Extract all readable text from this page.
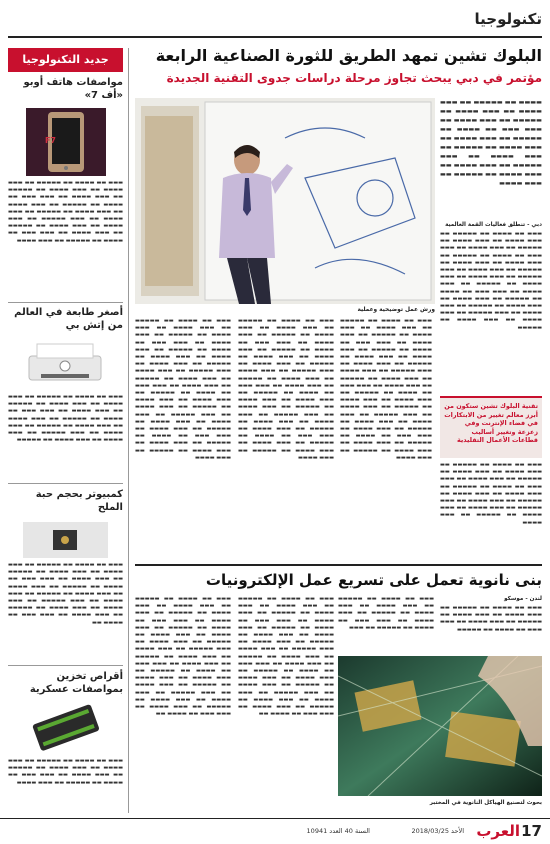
تكنولوجيا
جديد التكنولوجيا
مواصفات هاتف أوبو «أف 7»
F7
▬▬▬ ▬▬ ▬▬▬▬ ▬▬ ▬▬▬▬▬ ▬▬ ▬▬▬ ▬▬▬▬ ▬▬ ▬▬▬ ▬▬▬▬ ▬▬ ▬▬▬▬▬ ▬▬ ▬▬▬ ▬▬▬▬ ▬▬ ▬▬▬ ▬▬▬ ▬▬ ▬▬▬▬ ▬▬ ▬▬▬▬▬ ▬▬ ▬▬▬ ▬▬▬▬ ▬▬ ▬▬▬ ▬▬▬▬ ▬▬ ▬▬▬▬▬ ▬▬ ▬▬▬ ▬▬▬▬ ▬▬ ▬▬▬ ▬▬▬▬▬ ▬▬ ▬▬▬ ▬▬▬▬ ▬▬ ▬▬▬ ▬▬▬▬ ▬▬ ▬▬▬▬▬ ▬▬ ▬▬▬ ▬▬▬▬ ▬▬ ▬▬▬ ▬▬▬ ▬▬ ▬▬▬▬ ▬▬ ▬▬▬▬▬ ▬▬ ▬▬▬ ▬▬▬▬
أصغر طابعة في العالم من إتش بي
▬▬▬ ▬▬ ▬▬▬▬ ▬▬ ▬▬▬▬▬ ▬▬ ▬▬▬ ▬▬▬▬ ▬▬ ▬▬▬ ▬▬▬▬ ▬▬ ▬▬▬▬▬ ▬▬ ▬▬▬ ▬▬▬▬ ▬▬ ▬▬▬ ▬▬▬ ▬▬ ▬▬▬▬ ▬▬ ▬▬▬▬▬ ▬▬ ▬▬▬ ▬▬▬▬ ▬▬ ▬▬▬ ▬▬▬▬ ▬▬ ▬▬▬▬▬ ▬▬ ▬▬▬ ▬▬▬▬ ▬▬ ▬▬▬ ▬▬▬▬▬ ▬▬ ▬▬▬ ▬▬▬▬ ▬▬ ▬▬▬ ▬▬▬▬ ▬▬ ▬▬▬▬▬
كمبيوتر بحجم حبة الملح
▬▬▬ ▬▬ ▬▬▬▬ ▬▬ ▬▬▬▬▬ ▬▬ ▬▬▬ ▬▬▬▬ ▬▬ ▬▬▬ ▬▬▬▬ ▬▬ ▬▬▬▬▬ ▬▬ ▬▬▬ ▬▬▬▬ ▬▬ ▬▬▬ ▬▬▬ ▬▬ ▬▬▬▬ ▬▬ ▬▬▬▬▬ ▬▬ ▬▬▬ ▬▬▬▬ ▬▬ ▬▬▬ ▬▬▬▬ ▬▬ ▬▬▬▬▬ ▬▬ ▬▬▬ ▬▬▬▬ ▬▬ ▬▬▬ ▬▬▬▬▬ ▬▬ ▬▬▬ ▬▬▬▬ ▬▬ ▬▬▬ ▬▬▬▬ ▬▬ ▬▬▬▬▬ ▬▬ ▬▬▬ ▬▬▬▬ ▬▬ ▬▬▬ ▬▬▬ ▬▬ ▬▬▬▬ ▬▬
أقراص تخزين بمواصفات عسكرية
▬▬▬ ▬▬ ▬▬▬▬ ▬▬ ▬▬▬▬▬ ▬▬ ▬▬▬ ▬▬▬▬ ▬▬ ▬▬▬ ▬▬▬▬ ▬▬ ▬▬▬▬▬ ▬▬ ▬▬▬ ▬▬▬▬ ▬▬ ▬▬▬ ▬▬▬ ▬▬ ▬▬▬▬ ▬▬ ▬▬▬▬▬ ▬▬ ▬▬▬ ▬▬▬▬
البلوك تشين تمهد الطريق للثورة الصناعية الرابعة
مؤتمر في دبي يبحث تجاوز مرحلة دراسات جدوى التقنية الجديدة
▬▬▬▬ ▬▬ ▬▬▬▬▬ ▬▬ ▬▬▬ ▬▬▬▬ ▬▬ ▬▬▬ ▬▬▬▬ ▬▬ ▬▬▬▬▬ ▬▬ ▬▬▬ ▬▬▬▬ ▬▬ ▬▬▬ ▬▬▬ ▬▬ ▬▬▬▬ ▬▬ ▬▬▬▬▬ ▬▬ ▬▬▬ ▬▬▬▬ ▬▬ ▬▬▬ ▬▬▬▬ ▬▬ ▬▬▬▬▬ ▬▬ ▬▬▬ ▬▬▬▬ ▬▬ ▬▬▬ ▬▬▬▬▬ ▬▬ ▬▬▬ ▬▬▬▬ ▬▬ ▬▬▬ ▬▬▬▬ ▬▬ ▬▬▬▬▬ ▬▬ ▬▬▬ ▬▬▬▬
دبي - تنطلق فعاليات القمة العالمية
▬▬▬ ▬▬ ▬▬▬▬ ▬▬ ▬▬▬▬▬ ▬▬ ▬▬▬ ▬▬▬▬ ▬▬ ▬▬▬ ▬▬▬▬ ▬▬ ▬▬▬▬▬ ▬▬ ▬▬▬ ▬▬▬▬ ▬▬ ▬▬▬ ▬▬▬ ▬▬ ▬▬▬▬ ▬▬ ▬▬▬▬▬ ▬▬ ▬▬▬ ▬▬▬▬ ▬▬ ▬▬▬ ▬▬▬▬ ▬▬ ▬▬▬▬▬ ▬▬ ▬▬▬ ▬▬▬▬ ▬▬ ▬▬▬ ▬▬▬▬▬ ▬▬ ▬▬▬ ▬▬▬▬ ▬▬ ▬▬▬ ▬▬▬▬ ▬▬ ▬▬▬▬▬ ▬▬ ▬▬▬ ▬▬▬▬ ▬▬ ▬▬▬ ▬▬▬ ▬▬ ▬▬▬▬ ▬▬ ▬▬▬▬▬ ▬▬ ▬▬▬ ▬▬▬▬ ▬▬ ▬▬▬ ▬▬▬▬ ▬▬ ▬▬▬▬▬ ▬▬ ▬▬▬ ▬▬▬▬ ▬▬ ▬▬▬ ▬▬▬▬▬ ▬▬ ▬▬▬ ▬▬▬▬ ▬▬ ▬▬▬ ▬▬▬▬ ▬▬ ▬▬▬▬▬
تقنية البلوك تشين ستكون من أبرز معالم تغيير من الابتكارات في فضاء الإنترنت وفي زعزعة وتغيير أساليب قطاعات الأعمال التقليدية
▬▬▬ ▬▬ ▬▬▬▬ ▬▬ ▬▬▬▬▬ ▬▬ ▬▬▬ ▬▬▬▬ ▬▬ ▬▬▬ ▬▬▬▬ ▬▬ ▬▬▬▬▬ ▬▬ ▬▬▬ ▬▬▬▬ ▬▬ ▬▬▬ ▬▬▬ ▬▬ ▬▬▬▬ ▬▬ ▬▬▬▬▬ ▬▬ ▬▬▬ ▬▬▬▬ ▬▬ ▬▬▬ ▬▬▬▬ ▬▬ ▬▬▬▬▬ ▬▬ ▬▬▬ ▬▬▬▬ ▬▬ ▬▬▬ ▬▬▬▬▬ ▬▬ ▬▬▬ ▬▬▬▬ ▬▬ ▬▬▬ ▬▬▬▬ ▬▬ ▬▬▬▬▬ ▬▬ ▬▬▬ ▬▬▬▬
ورش عمل توضيحية وعملية
▬▬▬ ▬▬ ▬▬▬▬ ▬▬ ▬▬▬▬▬ ▬▬ ▬▬▬ ▬▬▬▬ ▬▬ ▬▬▬ ▬▬▬▬ ▬▬ ▬▬▬▬▬ ▬▬ ▬▬▬ ▬▬▬▬ ▬▬ ▬▬▬ ▬▬▬ ▬▬ ▬▬▬▬ ▬▬ ▬▬▬▬▬ ▬▬ ▬▬▬ ▬▬▬▬ ▬▬ ▬▬▬ ▬▬▬▬ ▬▬ ▬▬▬▬▬ ▬▬ ▬▬▬ ▬▬▬▬ ▬▬ ▬▬▬ ▬▬▬▬▬ ▬▬ ▬▬▬ ▬▬▬▬ ▬▬ ▬▬▬ ▬▬▬▬ ▬▬ ▬▬▬▬▬ ▬▬ ▬▬▬ ▬▬▬▬ ▬▬ ▬▬▬ ▬▬▬ ▬▬ ▬▬▬▬ ▬▬ ▬▬▬▬▬ ▬▬ ▬▬▬ ▬▬▬▬ ▬▬ ▬▬▬ ▬▬▬▬ ▬▬ ▬▬▬▬▬ ▬▬ ▬▬▬ ▬▬▬▬ ▬▬ ▬▬▬ ▬▬▬▬▬ ▬▬ ▬▬▬ ▬▬▬▬ ▬▬ ▬▬▬ ▬▬▬▬ ▬▬ ▬▬▬▬▬ ▬▬ ▬▬▬ ▬▬▬▬ ▬▬ ▬▬▬ ▬▬▬ ▬▬ ▬▬▬▬ ▬▬ ▬▬▬▬▬ ▬▬ ▬▬▬ ▬▬▬▬ ▬▬ ▬▬▬ ▬▬▬▬ ▬▬ ▬▬▬▬▬ ▬▬ ▬▬▬ ▬▬▬▬
▬▬▬ ▬▬ ▬▬▬▬ ▬▬ ▬▬▬▬▬ ▬▬ ▬▬▬ ▬▬▬▬ ▬▬ ▬▬▬ ▬▬▬▬ ▬▬ ▬▬▬▬▬ ▬▬ ▬▬▬ ▬▬▬▬ ▬▬ ▬▬▬ ▬▬▬ ▬▬ ▬▬▬▬ ▬▬ ▬▬▬▬▬ ▬▬ ▬▬▬ ▬▬▬▬ ▬▬ ▬▬▬ ▬▬▬▬ ▬▬ ▬▬▬▬▬ ▬▬ ▬▬▬ ▬▬▬▬ ▬▬ ▬▬▬ ▬▬▬▬▬ ▬▬ ▬▬▬ ▬▬▬▬ ▬▬ ▬▬▬ ▬▬▬▬ ▬▬ ▬▬▬▬▬ ▬▬ ▬▬▬ ▬▬▬▬ ▬▬ ▬▬▬ ▬▬▬ ▬▬ ▬▬▬▬ ▬▬ ▬▬▬▬▬ ▬▬ ▬▬▬ ▬▬▬▬ ▬▬ ▬▬▬ ▬▬▬▬ ▬▬ ▬▬▬▬▬ ▬▬ ▬▬▬ ▬▬▬▬ ▬▬ ▬▬▬ ▬▬▬▬▬ ▬▬ ▬▬▬ ▬▬▬▬ ▬▬ ▬▬▬ ▬▬▬▬ ▬▬ ▬▬▬▬▬ ▬▬ ▬▬▬ ▬▬▬▬ ▬▬ ▬▬▬ ▬▬▬ ▬▬ ▬▬▬▬ ▬▬ ▬▬▬▬▬ ▬▬ ▬▬▬ ▬▬▬▬ ▬▬ ▬▬▬ ▬▬▬▬ ▬▬ ▬▬▬▬▬ ▬▬ ▬▬▬ ▬▬▬▬
▬▬▬ ▬▬ ▬▬▬▬ ▬▬ ▬▬▬▬▬ ▬▬ ▬▬▬ ▬▬▬▬ ▬▬ ▬▬▬ ▬▬▬▬ ▬▬ ▬▬▬▬▬ ▬▬ ▬▬▬ ▬▬▬▬ ▬▬ ▬▬▬ ▬▬▬ ▬▬ ▬▬▬▬ ▬▬ ▬▬▬▬▬ ▬▬ ▬▬▬ ▬▬▬▬ ▬▬ ▬▬▬ ▬▬▬▬ ▬▬ ▬▬▬▬▬ ▬▬ ▬▬▬ ▬▬▬▬ ▬▬ ▬▬▬ ▬▬▬▬▬ ▬▬ ▬▬▬ ▬▬▬▬ ▬▬ ▬▬▬ ▬▬▬▬ ▬▬ ▬▬▬▬▬ ▬▬ ▬▬▬ ▬▬▬▬ ▬▬ ▬▬▬ ▬▬▬ ▬▬ ▬▬▬▬ ▬▬ ▬▬▬▬▬ ▬▬ ▬▬▬ ▬▬▬▬ ▬▬ ▬▬▬ ▬▬▬▬ ▬▬ ▬▬▬▬▬ ▬▬ ▬▬▬ ▬▬▬▬ ▬▬ ▬▬▬ ▬▬▬▬▬ ▬▬ ▬▬▬ ▬▬▬▬ ▬▬ ▬▬▬ ▬▬▬▬ ▬▬ ▬▬▬▬▬ ▬▬ ▬▬▬ ▬▬▬▬ ▬▬ ▬▬▬ ▬▬▬ ▬▬ ▬▬▬▬ ▬▬ ▬▬▬▬▬ ▬▬ ▬▬▬ ▬▬▬▬ ▬▬ ▬▬▬ ▬▬▬▬ ▬▬ ▬▬▬▬▬ ▬▬ ▬▬▬ ▬▬▬▬
بنى نانوية تعمل على تسريع عمل الإلكترونيات
لندن - موسكو
▬▬▬ ▬▬ ▬▬▬▬ ▬▬ ▬▬▬▬▬ ▬▬ ▬▬▬ ▬▬▬▬ ▬▬ ▬▬▬ ▬▬▬▬ ▬▬ ▬▬▬▬▬ ▬▬ ▬▬▬ ▬▬▬▬ ▬▬ ▬▬▬ ▬▬▬ ▬▬ ▬▬▬▬ ▬▬ ▬▬▬▬▬
▬▬▬ ▬▬ ▬▬▬▬ ▬▬ ▬▬▬▬▬ ▬▬ ▬▬▬ ▬▬▬▬ ▬▬ ▬▬▬ ▬▬▬▬ ▬▬ ▬▬▬▬▬ ▬▬ ▬▬▬ ▬▬▬▬ ▬▬ ▬▬▬ ▬▬▬ ▬▬ ▬▬▬▬ ▬▬ ▬▬▬▬▬ ▬▬ ▬▬▬
▬▬▬ ▬▬ ▬▬▬▬ ▬▬ ▬▬▬▬▬ ▬▬ ▬▬▬ ▬▬▬▬ ▬▬ ▬▬▬ ▬▬▬▬ ▬▬ ▬▬▬▬▬ ▬▬ ▬▬▬ ▬▬▬▬ ▬▬ ▬▬▬ ▬▬▬ ▬▬ ▬▬▬▬ ▬▬ ▬▬▬▬▬ ▬▬ ▬▬▬ ▬▬▬▬ ▬▬ ▬▬▬ ▬▬▬▬ ▬▬ ▬▬▬▬▬ ▬▬ ▬▬▬ ▬▬▬▬ ▬▬ ▬▬▬ ▬▬▬▬▬ ▬▬ ▬▬▬ ▬▬▬▬ ▬▬ ▬▬▬ ▬▬▬▬ ▬▬ ▬▬▬▬▬ ▬▬ ▬▬▬ ▬▬▬▬ ▬▬ ▬▬▬ ▬▬▬ ▬▬ ▬▬▬▬ ▬▬ ▬▬▬▬▬ ▬▬ ▬▬▬ ▬▬▬▬ ▬▬ ▬▬▬ ▬▬▬▬ ▬▬ ▬▬▬▬▬ ▬▬ ▬▬▬ ▬▬▬▬ ▬▬ ▬▬▬ ▬▬▬▬▬ ▬▬ ▬▬▬ ▬▬▬▬ ▬▬ ▬▬▬ ▬▬▬▬ ▬▬ ▬▬▬▬▬ ▬▬ ▬▬▬ ▬▬▬▬ ▬▬ ▬▬▬ ▬▬▬ ▬▬ ▬▬▬▬ ▬▬
▬▬▬ ▬▬ ▬▬▬▬ ▬▬ ▬▬▬▬▬ ▬▬ ▬▬▬ ▬▬▬▬ ▬▬ ▬▬▬ ▬▬▬▬ ▬▬ ▬▬▬▬▬ ▬▬ ▬▬▬ ▬▬▬▬ ▬▬ ▬▬▬ ▬▬▬ ▬▬ ▬▬▬▬ ▬▬ ▬▬▬▬▬ ▬▬ ▬▬▬ ▬▬▬▬ ▬▬ ▬▬▬ ▬▬▬▬ ▬▬ ▬▬▬▬▬ ▬▬ ▬▬▬ ▬▬▬▬ ▬▬ ▬▬▬ ▬▬▬▬▬ ▬▬ ▬▬▬ ▬▬▬▬ ▬▬ ▬▬▬ ▬▬▬▬ ▬▬ ▬▬▬▬▬ ▬▬ ▬▬▬ ▬▬▬▬ ▬▬ ▬▬▬ ▬▬▬ ▬▬ ▬▬▬▬ ▬▬ ▬▬▬▬▬ ▬▬ ▬▬▬ ▬▬▬▬ ▬▬ ▬▬▬ ▬▬▬▬ ▬▬ ▬▬▬▬▬ ▬▬ ▬▬▬ ▬▬▬▬ ▬▬ ▬▬▬ ▬▬▬▬▬ ▬▬ ▬▬▬ ▬▬▬▬ ▬▬ ▬▬▬ ▬▬▬▬ ▬▬ ▬▬▬▬▬ ▬▬ ▬▬▬ ▬▬▬▬ ▬▬ ▬▬▬ ▬▬▬ ▬▬ ▬▬▬▬ ▬▬
بحوث لتصنيع الهياكل النانوية في المختبر
17
العرب
الأحد 2018/03/25
السنة 40 العدد 10941
